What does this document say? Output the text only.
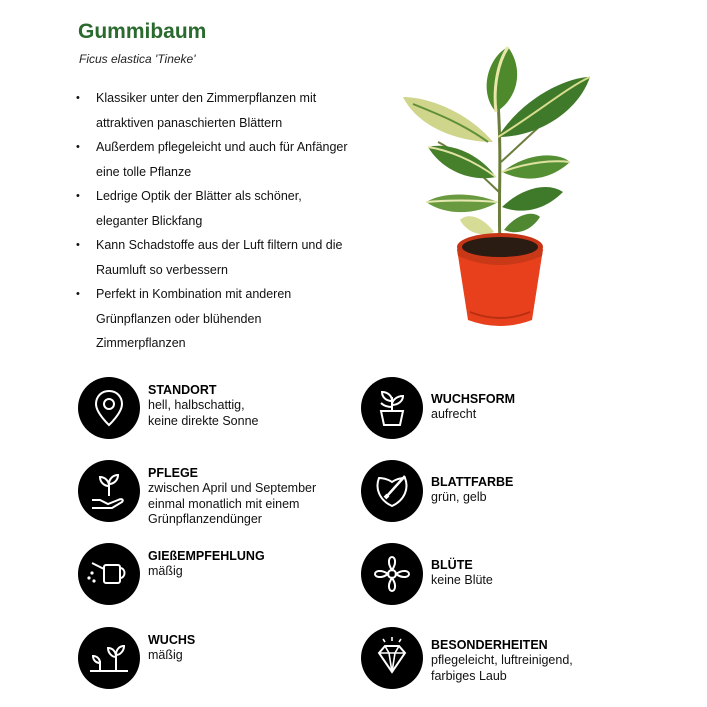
Gummibaum
Ficus elastica 'Tineke'
• Klassiker unter den Zimmerpflanzen mit attraktiven panaschierten Blättern
• Außerdem pflegeleicht und auch für Anfänger eine tolle Pflanze
• Ledrige Optik der Blätter als schöner, eleganter Blickfang
• Kann Schadstoffe aus der Luft filtern und die Raumluft so verbessern
• Perfekt in Kombination mit anderen Grünpflanzen oder blühenden Zimmerpflanzen
STANDORT
hell, halbschattig,
keine direkte Sonne
PFLEGE
zwischen April und September
einmal monatlich mit einem
Grünpflanzendünger
GIEßEMPFEHLUNG
mäßig
WUCHS
mäßig
WUCHSFORM
aufrecht
BLATTFARBE
grün, gelb
BLÜTE
keine Blüte
BESONDERHEITEN
pflegeleicht, luftreinigend,
farbiges Laub
